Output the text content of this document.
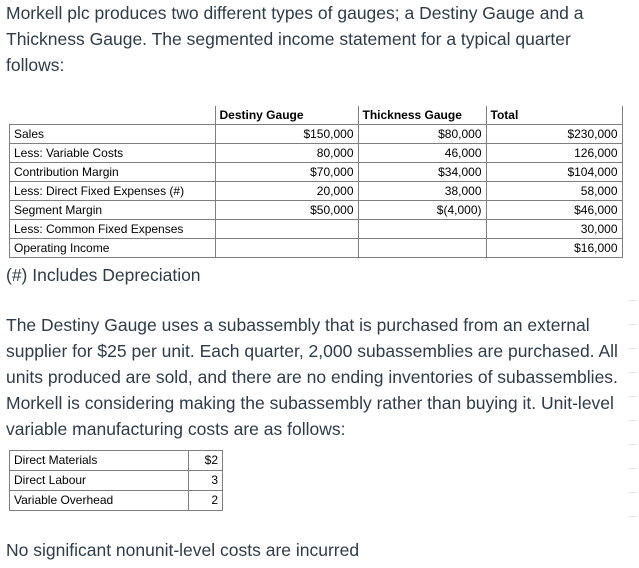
Morkell plc produces two different types of gauges; a Destiny Gauge and a Thickness Gauge. The segmented income statement for a typical quarter follows:

	Destiny Gauge	Thickness Gauge	Total
Sales	$150,000	$80,000	$230,000
Less: Variable Costs	80,000	46,000	126,000
Contribution Margin	$70,000	$34,000	$104,000
Less: Direct Fixed Expenses (#)	20,000	38,000	58,000
Segment Margin	$50,000	$(4,000)	$46,000
Less: Common Fixed Expenses			30,000
Operating Income			$16,000

(#) Includes Depreciation

The Destiny Gauge uses a subassembly that is purchased from an external supplier for $25 per unit. Each quarter, 2,000 subassemblies are purchased. All units produced are sold, and there are no ending inventories of subassemblies. Morkell is considering making the subassembly rather than buying it. Unit-level variable manufacturing costs are as follows:

Direct Materials	$2
Direct Labour	3
Variable Overhead	2

No significant nonunit-level costs are incurred
